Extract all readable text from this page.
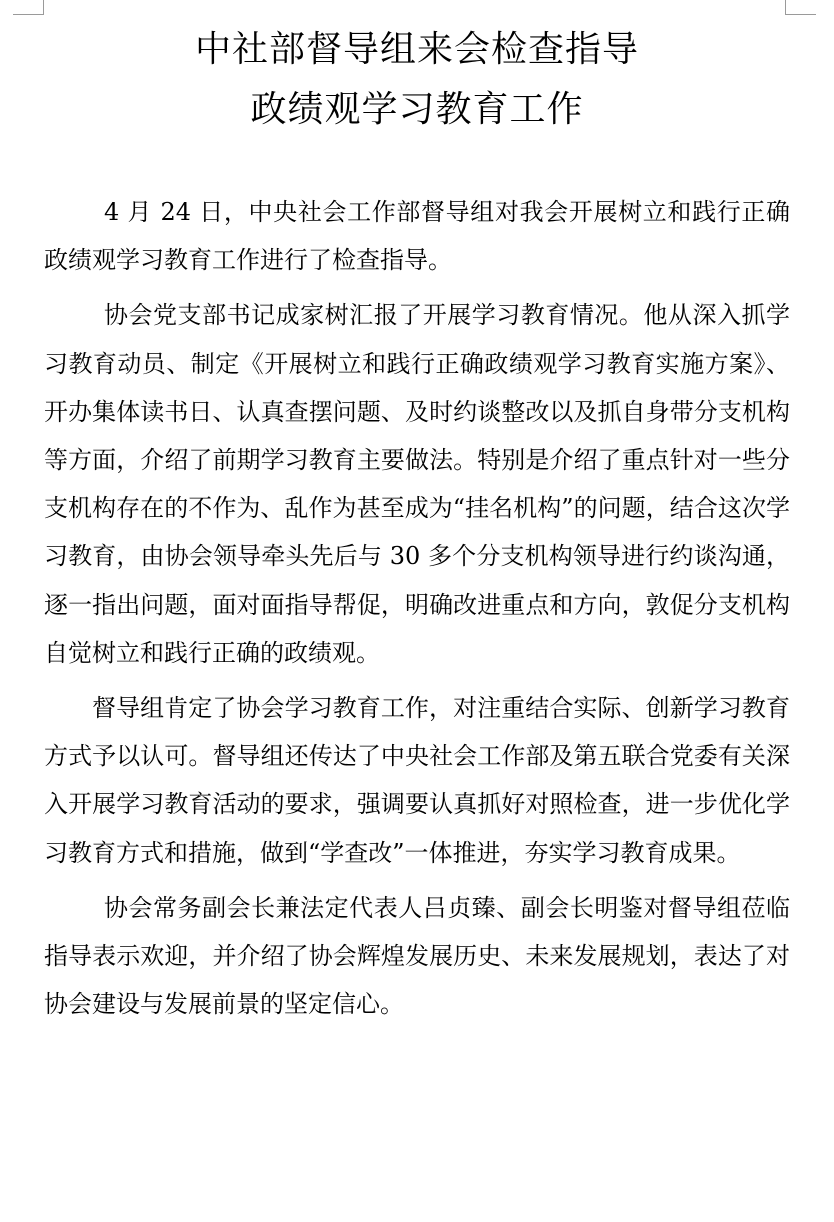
中社部督导组来会检查指导
政绩观学习教育工作

4 月 24 日，中央社会工作部督导组对我会开展树立和践行正确政绩观学习教育工作进行了检查指导。

协会党支部书记成家树汇报了开展学习教育情况。他从深入抓学习教育动员、制定《开展树立和践行正确政绩观学习教育实施方案》、开办集体读书日、认真查摆问题、及时约谈整改以及抓自身带分支机构等方面，介绍了前期学习教育主要做法。特别是介绍了重点针对一些分支机构存在的不作为、乱作为甚至成为“挂名机构”的问题，结合这次学习教育，由协会领导牵头先后与 30 多个分支机构领导进行约谈沟通，逐一指出问题，面对面指导帮促，明确改进重点和方向，敦促分支机构自觉树立和践行正确的政绩观。

督导组肯定了协会学习教育工作，对注重结合实际、创新学习教育方式予以认可。督导组还传达了中央社会工作部及第五联合党委有关深入开展学习教育活动的要求，强调要认真抓好对照检查，进一步优化学习教育方式和措施，做到“学查改”一体推进，夯实学习教育成果。

协会常务副会长兼法定代表人吕贞臻、副会长明鉴对督导组莅临指导表示欢迎，并介绍了协会辉煌发展历史、未来发展规划，表达了对协会建设与发展前景的坚定信心。
